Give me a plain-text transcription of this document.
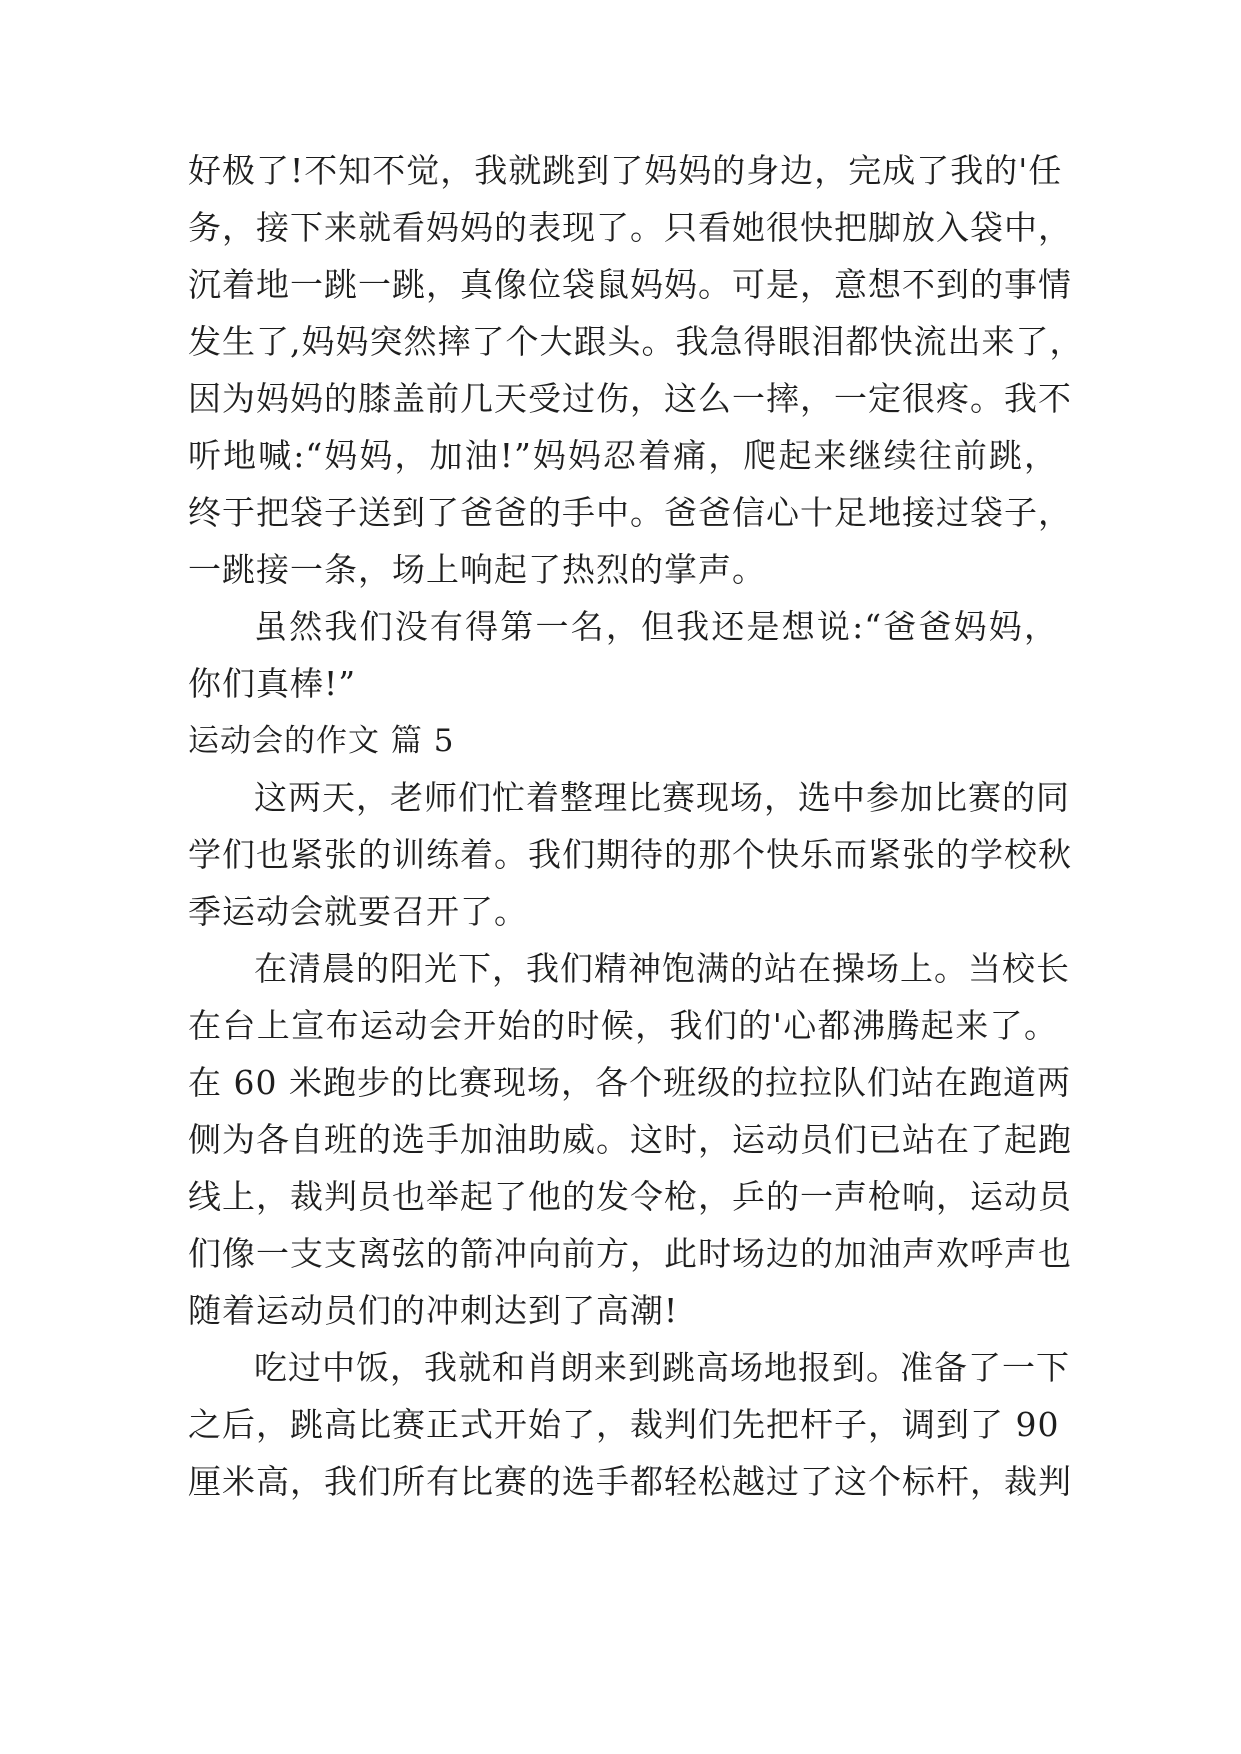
好极了!不知不觉，我就跳到了妈妈的身边，完成了我的'任
务，接下来就看妈妈的表现了。只看她很快把脚放入袋中，
沉着地一跳一跳，真像位袋鼠妈妈。可是，意想不到的事情
发生了,妈妈突然摔了个大跟头。我急得眼泪都快流出来了，
因为妈妈的膝盖前几天受过伤，这么一摔，一定很疼。我不
听地喊:“妈妈，加油!”妈妈忍着痛，爬起来继续往前跳，
终于把袋子送到了爸爸的手中。爸爸信心十足地接过袋子，
一跳接一条，场上响起了热烈的掌声。
虽然我们没有得第一名，但我还是想说:“爸爸妈妈，
你们真棒!”
运动会的作文 篇 5
这两天，老师们忙着整理比赛现场，选中参加比赛的同
学们也紧张的训练着。我们期待的那个快乐而紧张的学校秋
季运动会就要召开了。
在清晨的阳光下，我们精神饱满的站在操场上。当校长
在台上宣布运动会开始的时候，我们的'心都沸腾起来了。
在 60 米跑步的比赛现场，各个班级的拉拉队们站在跑道两
侧为各自班的选手加油助威。这时，运动员们已站在了起跑
线上，裁判员也举起了他的发令枪，乒的一声枪响，运动员
们像一支支离弦的箭冲向前方，此时场边的加油声欢呼声也
随着运动员们的冲刺达到了高潮!
吃过中饭，我就和肖朗来到跳高场地报到。准备了一下
之后，跳高比赛正式开始了，裁判们先把杆子，调到了 90
厘米高，我们所有比赛的选手都轻松越过了这个标杆，裁判
